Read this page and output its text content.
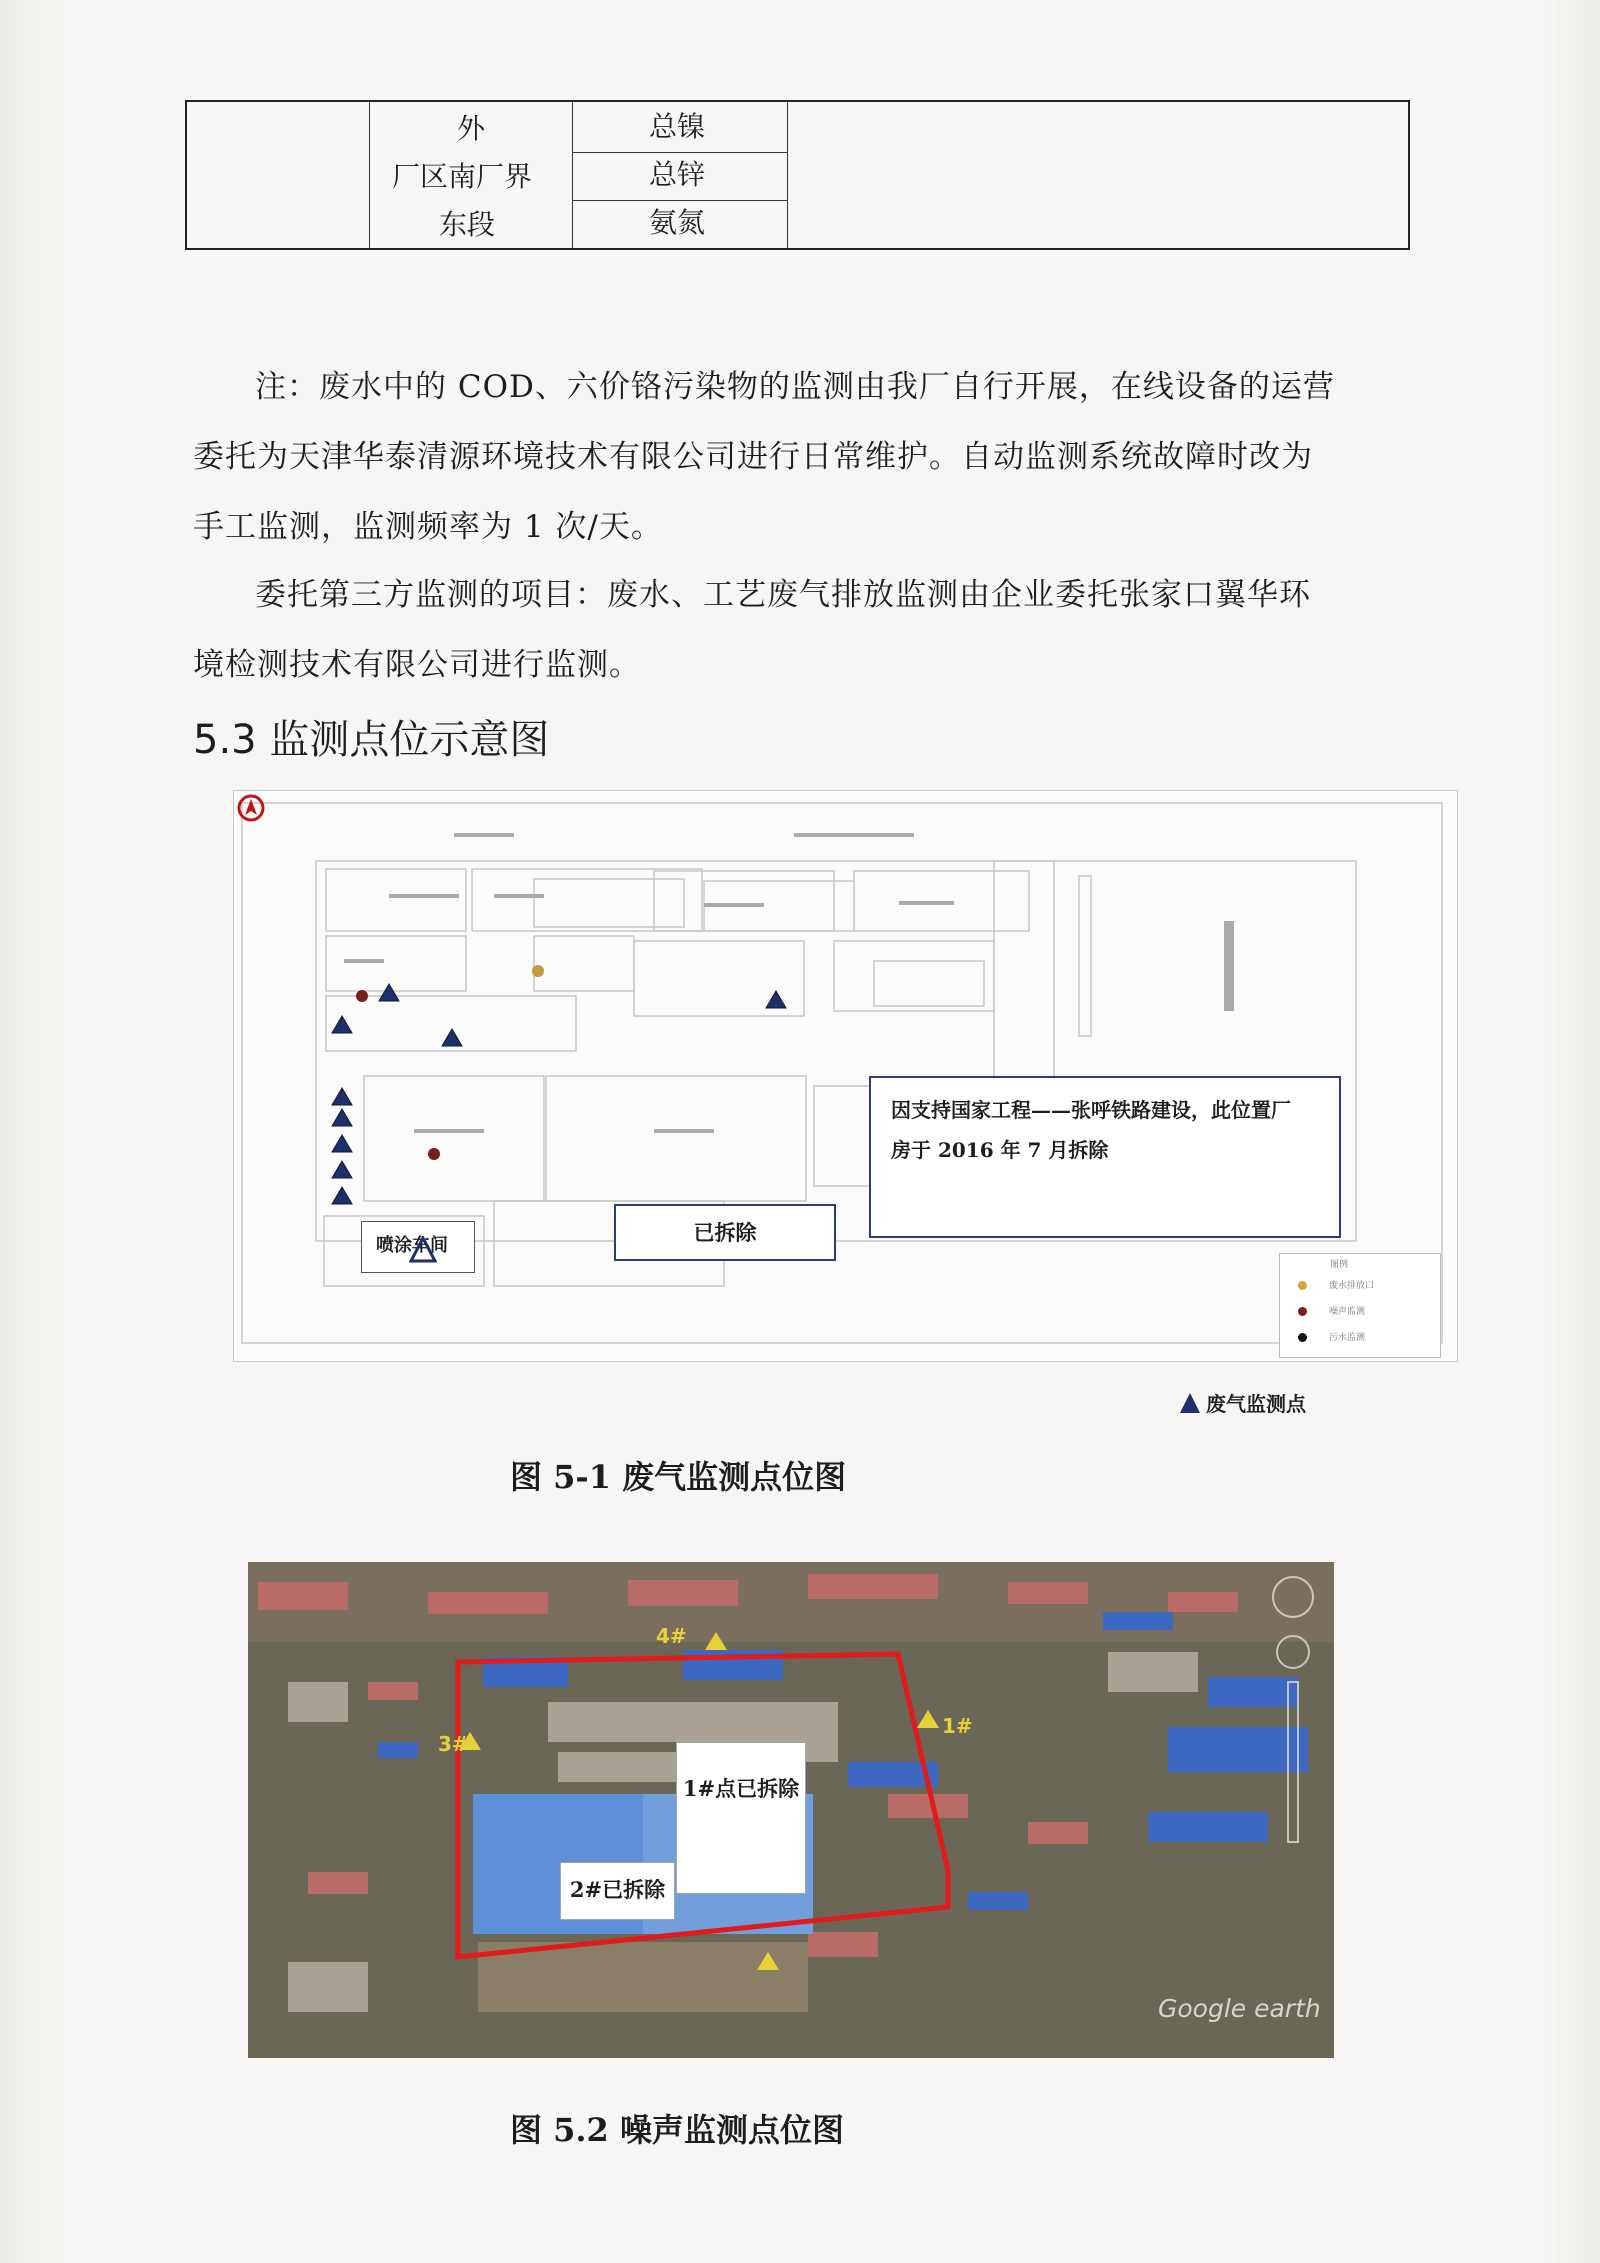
外
厂区南厂界
东段
总镍
总锌
氨氮
注：废水中的 COD、六价铬污染物的监测由我厂自行开展，在线设备的运营
委托为天津华泰清源环境技术有限公司进行日常维护。自动监测系统故障时改为
手工监测，监测频率为 1 次/天。
委托第三方监测的项目：废水、工艺废气排放监测由企业委托张家口翼华环
境检测技术有限公司进行监测。
5.3 监测点位示意图
因支持国家工程——张呼铁路建设，此位置厂
房于 2016 年 7 月拆除
已拆除
喷涂车间
图例
废水排放口
噪声监测
污水监测
废气监测点
图 5-1 废气监测点位图
1#点已拆除
2#已拆除
4#
1#
3#
Google earth
图 5.2 噪声监测点位图
